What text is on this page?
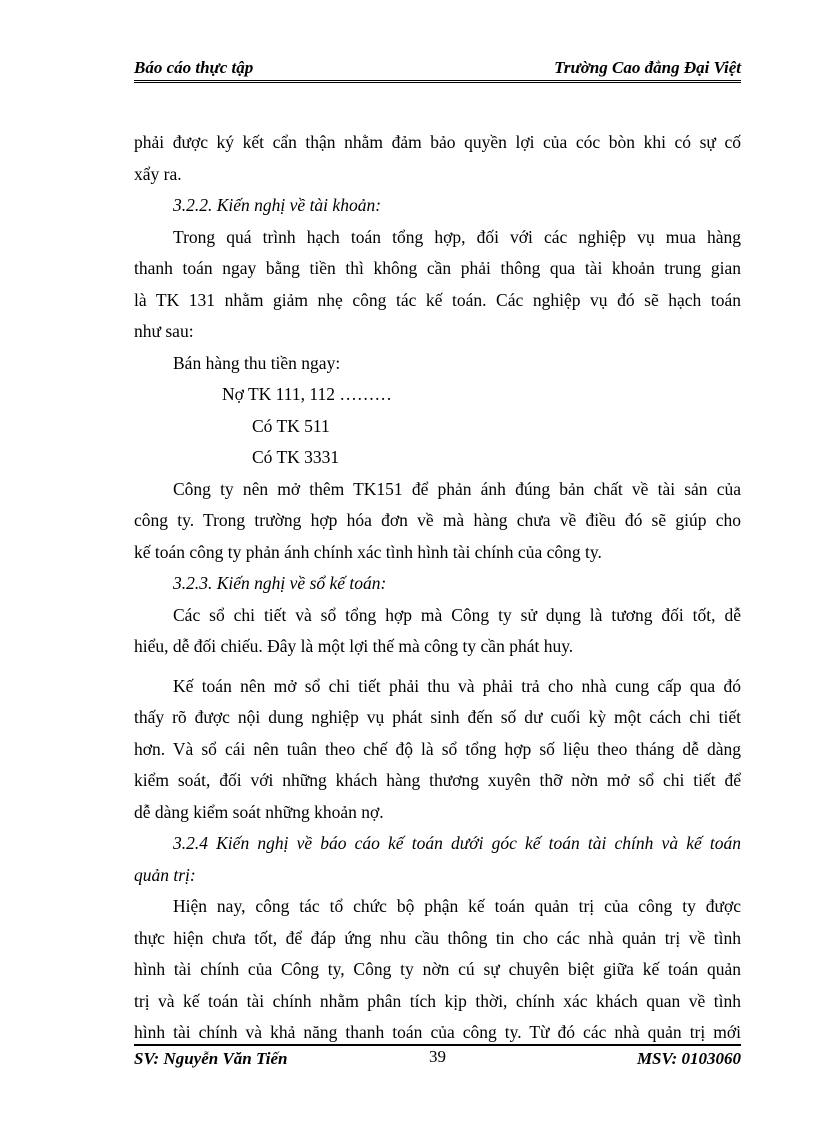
Báo cáo thực tập	Trường Cao đẳng Đại Việt
phải được ký kết cẩn thận nhằm đảm bảo quyền lợi của cóc bòn khi có sự cố
xẩy ra.
3.2.2. Kiến nghị về tài khoản:
Trong quá trình hạch toán tổng hợp, đối với các nghiệp vụ mua hàng
thanh toán ngay bằng tiền thì không cần phải thông qua tài khoản trung gian
là TK 131 nhằm giảm nhẹ công tác kế toán. Các nghiệp vụ đó sẽ hạch toán
như sau:
Bán hàng thu tiền ngay:
Nợ TK 111, 112 ………
Có TK 511
Có TK 3331
Công ty nên mở thêm TK151 để phản ánh đúng bản chất về tài sản của
công ty. Trong trường hợp hóa đơn về mà hàng chưa về điều đó sẽ giúp cho
kế toán công ty phản ánh chính xác tình hình tài chính của công ty.
3.2.3. Kiến nghị về sổ kế toán:
Các sổ chi tiết và sổ tổng hợp mà Công ty sử dụng là tương đối tốt, dễ
hiểu, dễ đối chiếu. Đây là một lợi thế mà công ty cần phát huy.
Kế toán nên mở sổ chi tiết phải thu và phải trả cho nhà cung cấp qua đó
thấy rõ được nội dung nghiệp vụ phát sinh đến số dư cuối kỳ một cách chi tiết
hơn. Và sổ cái nên tuân theo chế độ là sổ tổng hợp số liệu theo tháng dễ dàng
kiểm soát, đối với những khách hàng thương xuyên thỡ nờn mở sổ chi tiết để
dễ dàng kiểm soát những khoản nợ.
3.2.4 Kiến nghị về báo cáo kế toán dưới góc kế toán tài chính và kế toán
quản trị:
Hiện nay, công tác tổ chức bộ phận kế toán quản trị của công ty được
thực hiện chưa tốt, để đáp ứng nhu cầu thông tin cho các nhà quản trị về tình
hình tài chính của Công ty, Công ty nờn cú sự chuyên biệt giữa kế toán quản
trị và kế toán tài chính nhằm phân tích kịp thời, chính xác khách quan về tình
hình tài chính và khả năng thanh toán của công ty. Từ đó các nhà quản trị mới
SV: Nguyễn Văn Tiến	39	MSV: 0103060
